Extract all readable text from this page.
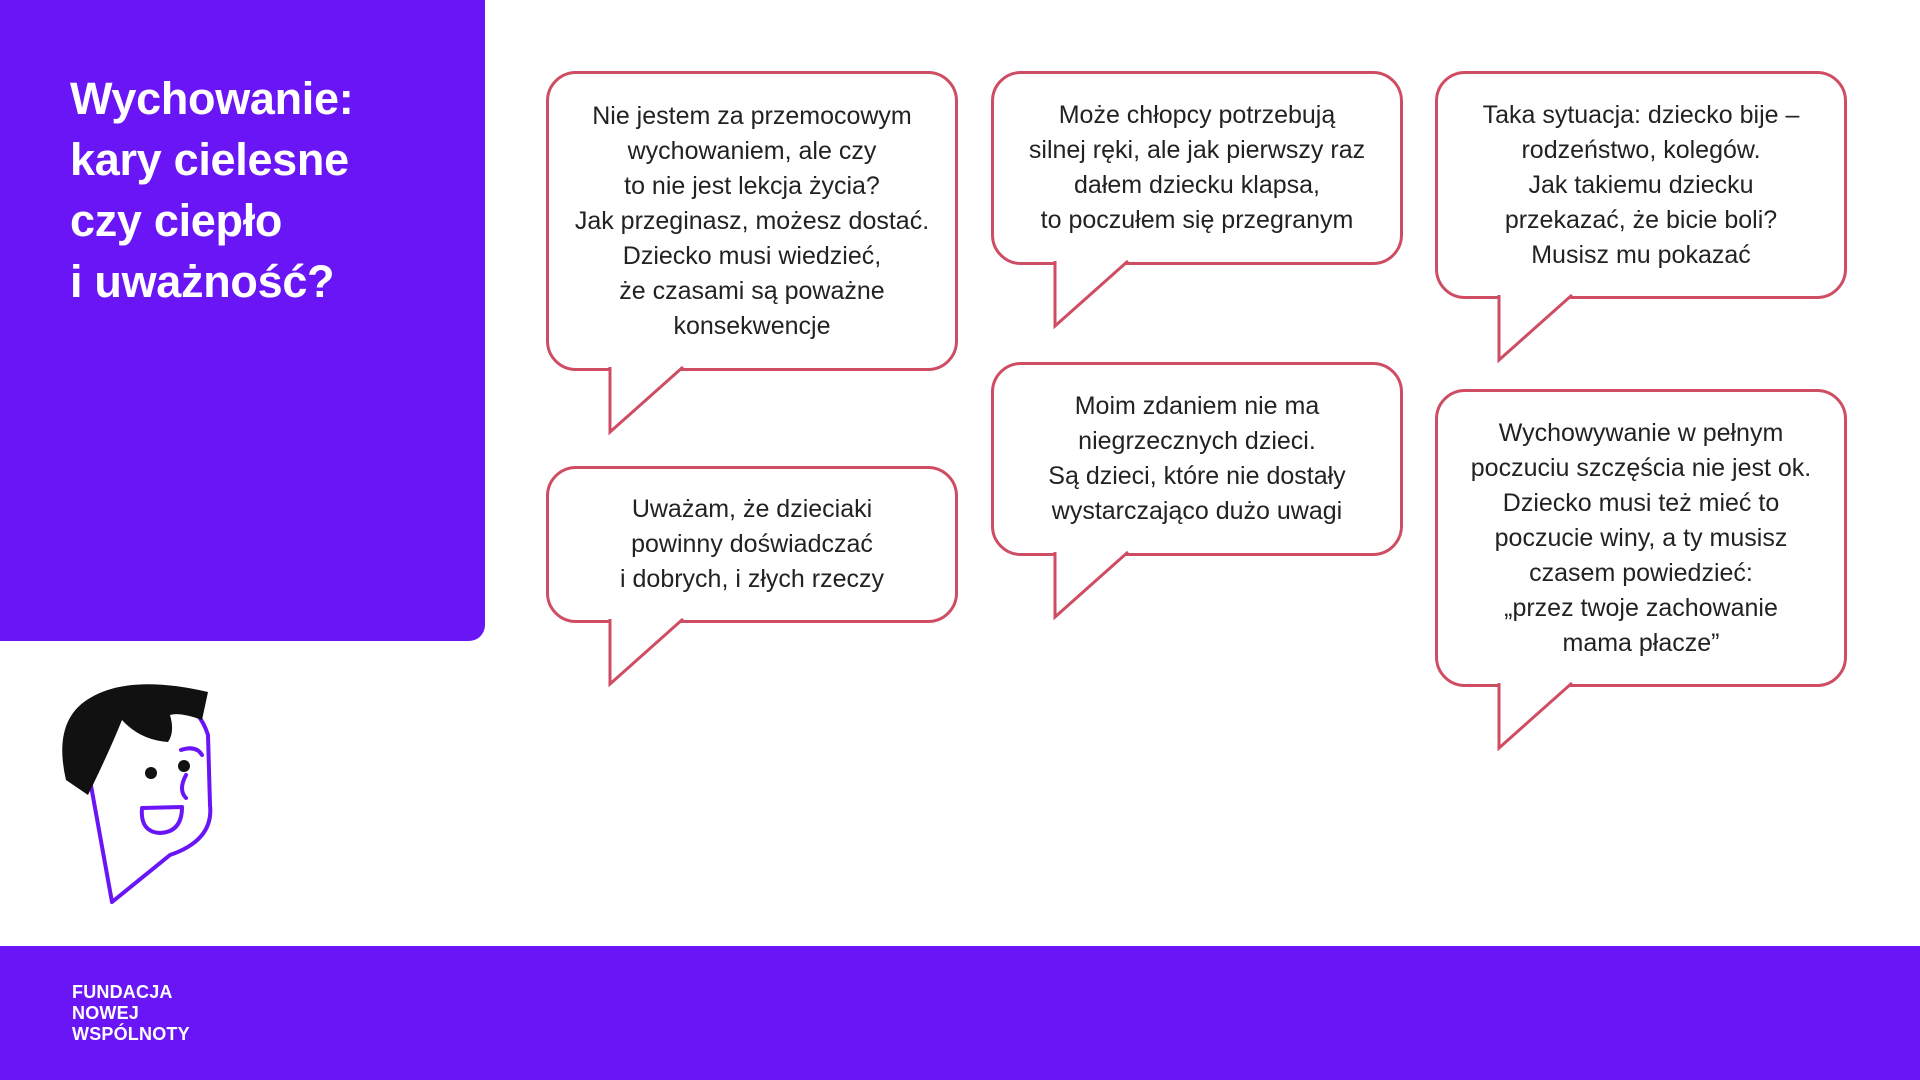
Wychowanie:
kary cielesne
czy ciepło
i uważność?
Nie jestem za przemocowym
wychowaniem, ale czy
to nie jest lekcja życia?
Jak przeginasz, możesz dostać.
Dziecko musi wiedzieć,
że czasami są poważne
konsekwencje
Uważam, że dzieciaki
powinny doświadczać
i dobrych, i złych rzeczy
Może chłopcy potrzebują
silnej ręki, ale jak pierwszy raz
dałem dziecku klapsa,
to poczułem się przegranym
Moim zdaniem nie ma
niegrzecznych dzieci.
Są dzieci, które nie dostały
wystarczająco dużo uwagi
Taka sytuacja: dziecko bije –
rodzeństwo, kolegów.
Jak takiemu dziecku
przekazać, że bicie boli?
Musisz mu pokazać
Wychowywanie w pełnym
poczuciu szczęścia nie jest ok.
Dziecko musi też mieć to
poczucie winy, a ty musisz
czasem powiedzieć:
„przez twoje zachowanie
mama płacze”
FUNDACJA
NOWEJ
WSPÓLNOTY
